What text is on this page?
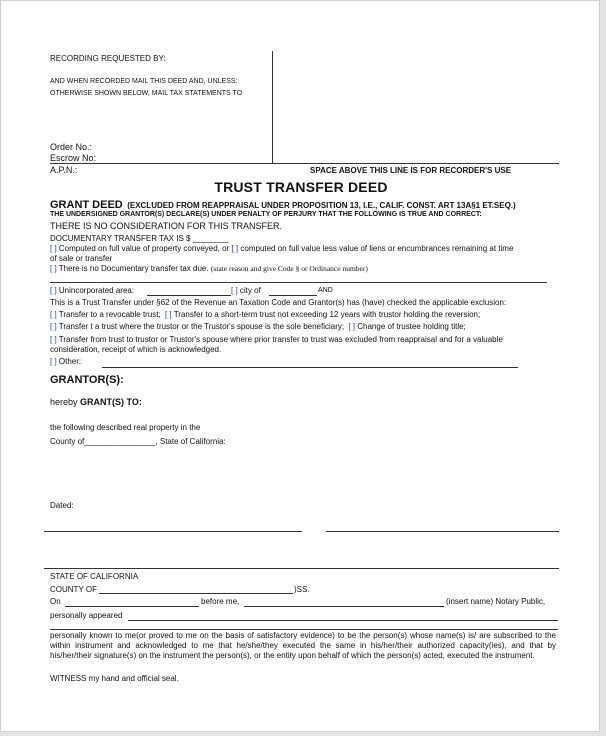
RECORDING REQUESTED BY:
AND WHEN RECORDED MAIL THIS DEED AND, UNLESS:
OTHERWISE SHOWN BELOW, MAIL TAX STATEMENTS TO
Order No.:
Escrow No:
A.P.N.:	SPACE ABOVE THIS LINE IS FOR RECORDER'S USE
TRUST TRANSFER DEED
GRANT DEED (EXCLUDED FROM REAPPRAISAL UNDER PROPOSITION 13, I.E., CALIF. CONST. ART 13A§1 ET.SEQ.)
THE UNDERSIGNED GRANTOR(S) DECLARE(S) UNDER PENALTY OF PERJURY THAT THE FOLLOWING IS TRUE AND CORRECT:
THERE IS NO CONSIDERATION FOR THIS TRANSFER.
DOCUMENTARY TRANSFER TAX IS $ ________
[ ] Computed on full value of property conveyed, or [ ] computed on full value less value of liens or encumbrances remaining at time
of sale or transfer
[ ] There is no Documentary transfer tax due. (state reason and give Code § or Ordinance number)
[ ] Unincorporated area:	[ ] city of	AND
This is a Trust Transfer under §62 of the Revenue an Taxation Code and Grantor(s) has (have) checked the applicable exclusion:
[ ] Transfer to a revocable trust; [ ] Transfer to a short-term trust not exceeding 12 years with trustor holding the reversion;
[ ] Transfer t a trust where the trustor or the Trustor's spouse is the sole beneficiary; [ ] Change of trustee holding title;
[ ] Transfer from trust to trustor or Trustor's spouse where prior transfer to trust was excluded from reappraisal and for a valuable
consideration, receipt of which is acknowledged.
[ ] Other:
GRANTOR(S):
hereby GRANT(S) TO:
the following described real property in the
County of________________, State of California:
Dated:
STATE OF CALIFORNIA
COUNTY OF	)SS.
On	before me,	(insert name) Notary Public,
personally appeared
personally known to me(or proved to me on the basis of satisfactory evidence) to be the person(s) whose name(s) is/ are subscribed to the within instrument and acknowledged to me that he/she/they executed the same in his/her/their authorized capacity(ies), and that by his/her/their signature(s) on the instrument the person(s), or the entity upon behalf of which the person(s) acted, executed the instrument.
WITNESS my hand and official seal.
